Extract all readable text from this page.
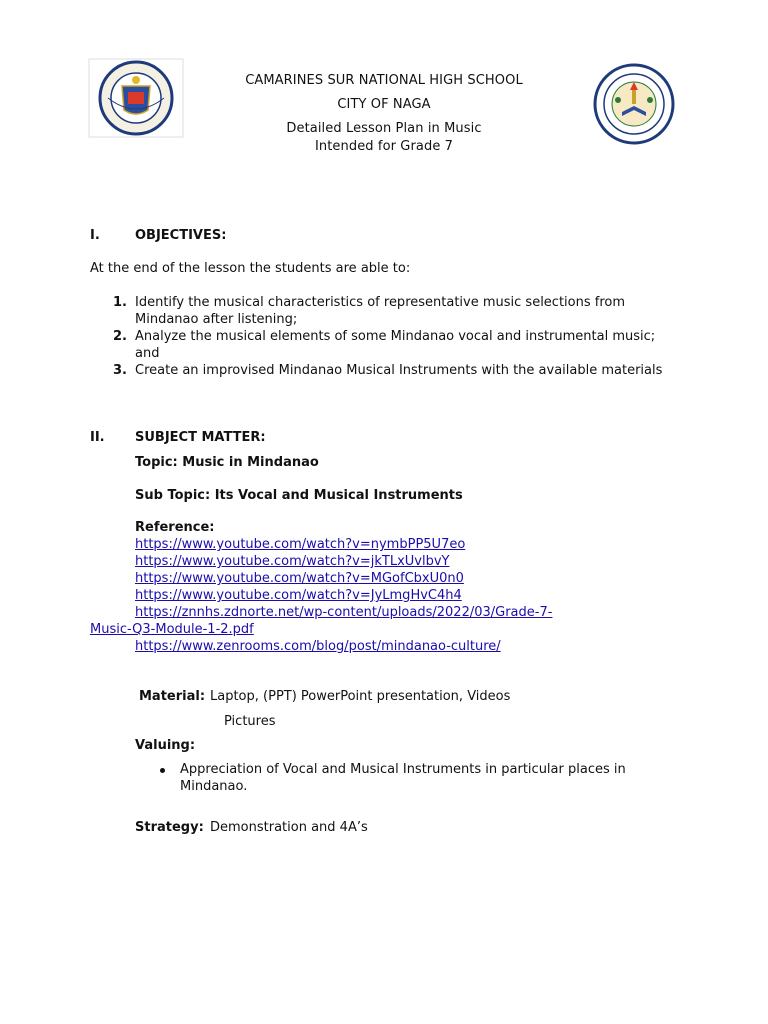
CAMARINES SUR NATIONAL HIGH SCHOOL
CITY OF NAGA
Detailed Lesson Plan in Music
Intended for Grade 7
I.	OBJECTIVES:
At the end of the lesson the students are able to:
1. Identify the musical characteristics of representative music selections from
Mindanao after listening;
2. Analyze the musical elements of some Mindanao vocal and instrumental music;
and
3. Create an improvised Mindanao Musical Instruments with the available materials
II. SUBJECT MATTER:
Topic: Music in Mindanao
Sub Topic: Its Vocal and Musical Instruments
Reference:
https://www.youtube.com/watch?v=nymbPP5U7eo
https://www.youtube.com/watch?v=jkTLxUvlbvY
https://www.youtube.com/watch?v=MGofCbxU0n0
https://www.youtube.com/watch?v=JyLmgHvC4h4
https://znnhs.zdnorte.net/wp-content/uploads/2022/03/Grade-7-
Music-Q3-Module-1-2.pdf
https://www.zenrooms.com/blog/post/mindanao-culture/
Material: Laptop, (PPT) PowerPoint presentation, Videos
Pictures
Valuing:
Appreciation of Vocal and Musical Instruments in particular places in
Mindanao.
Strategy: Demonstration and 4A’s
